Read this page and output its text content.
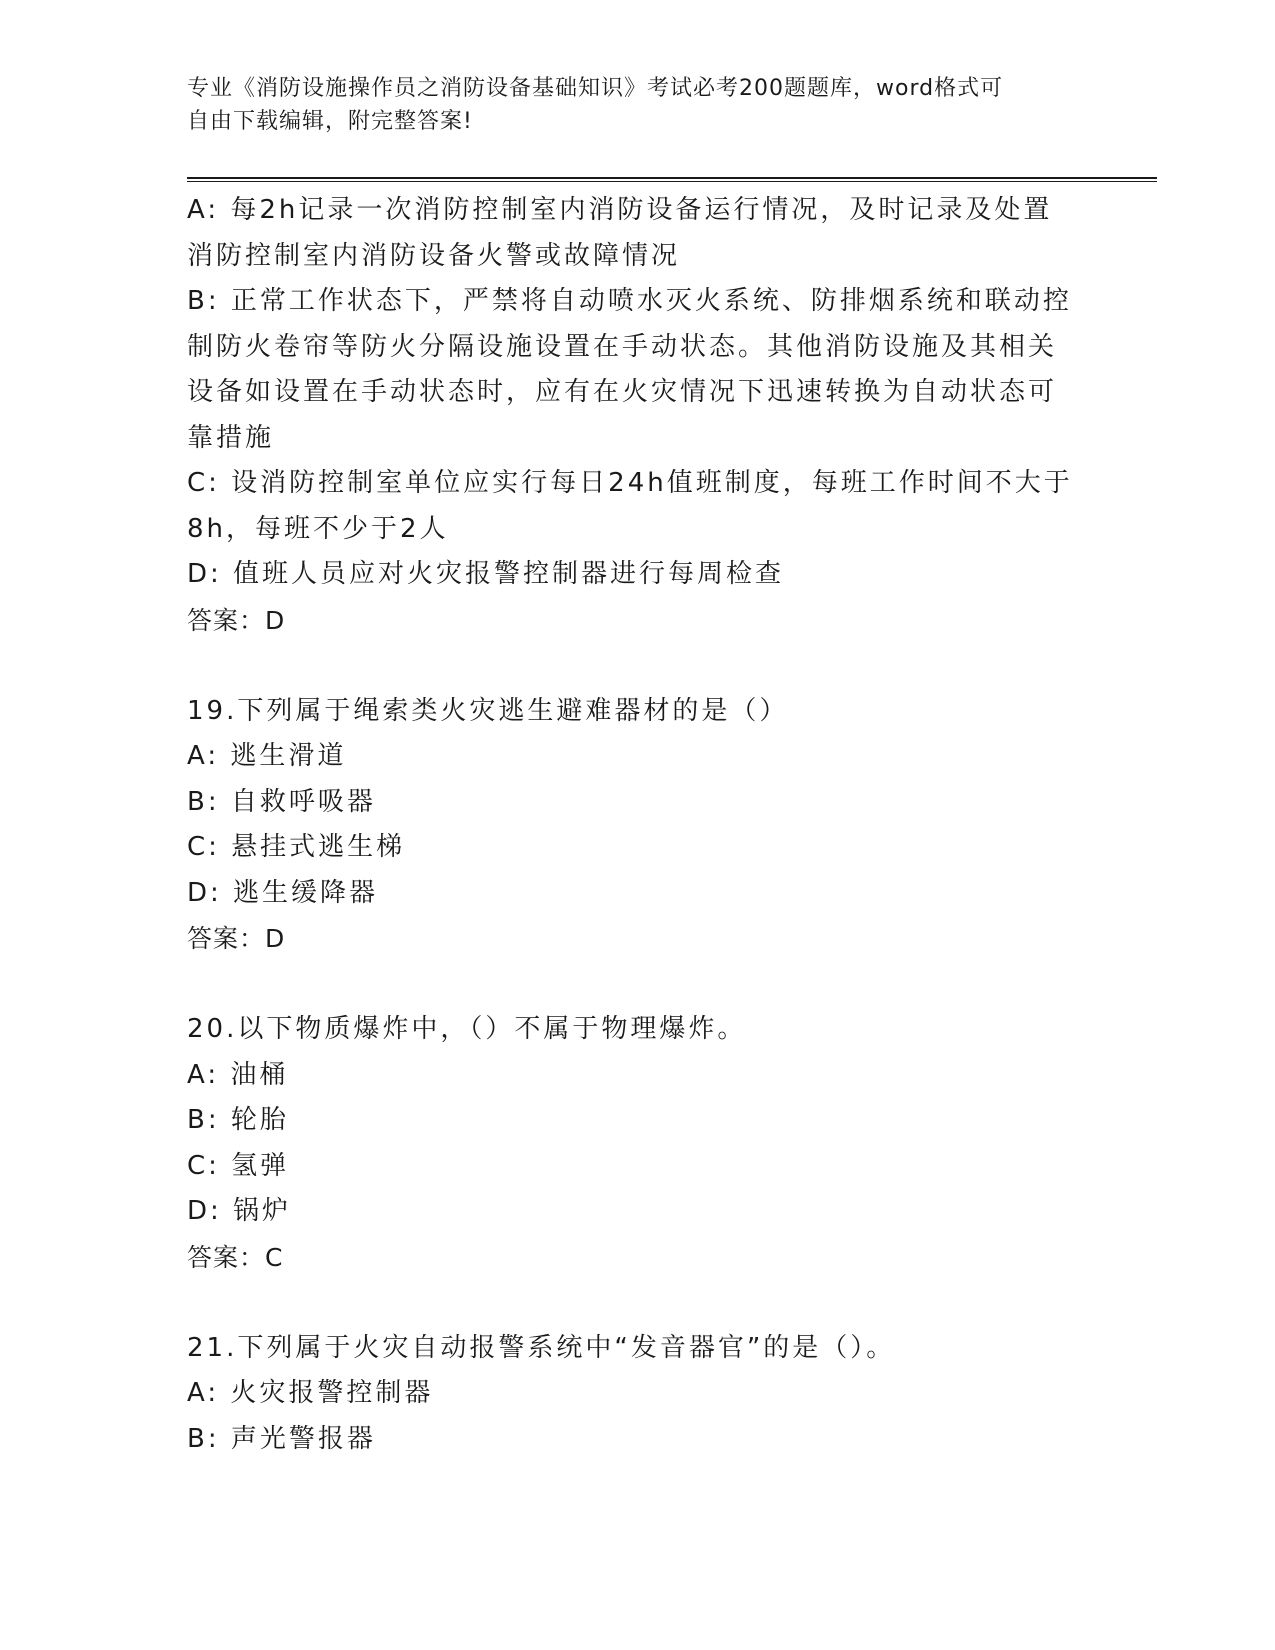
专业《消防设施操作员之消防设备基础知识》考试必考200题题库，word格式可
自由下载编辑，附完整答案!
A: 每2h记录一次消防控制室内消防设备运行情况，及时记录及处置
消防控制室内消防设备火警或故障情况
B: 正常工作状态下，严禁将自动喷水灭火系统、防排烟系统和联动控
制防火卷帘等防火分隔设施设置在手动状态。其他消防设施及其相关
设备如设置在手动状态时，应有在火灾情况下迅速转换为自动状态可
靠措施
C: 设消防控制室单位应实行每日24h值班制度，每班工作时间不大于
8h，每班不少于2人
D: 值班人员应对火灾报警控制器进行每周检查
答案：D
19.下列属于绳索类火灾逃生避难器材的是（）
A: 逃生滑道
B: 自救呼吸器
C: 悬挂式逃生梯
D: 逃生缓降器
答案：D
20.以下物质爆炸中，（）不属于物理爆炸。
A: 油桶
B: 轮胎
C: 氢弹
D: 锅炉
答案：C
21.下列属于火灾自动报警系统中“发音器官”的是（）。
A: 火灾报警控制器
B: 声光警报器
